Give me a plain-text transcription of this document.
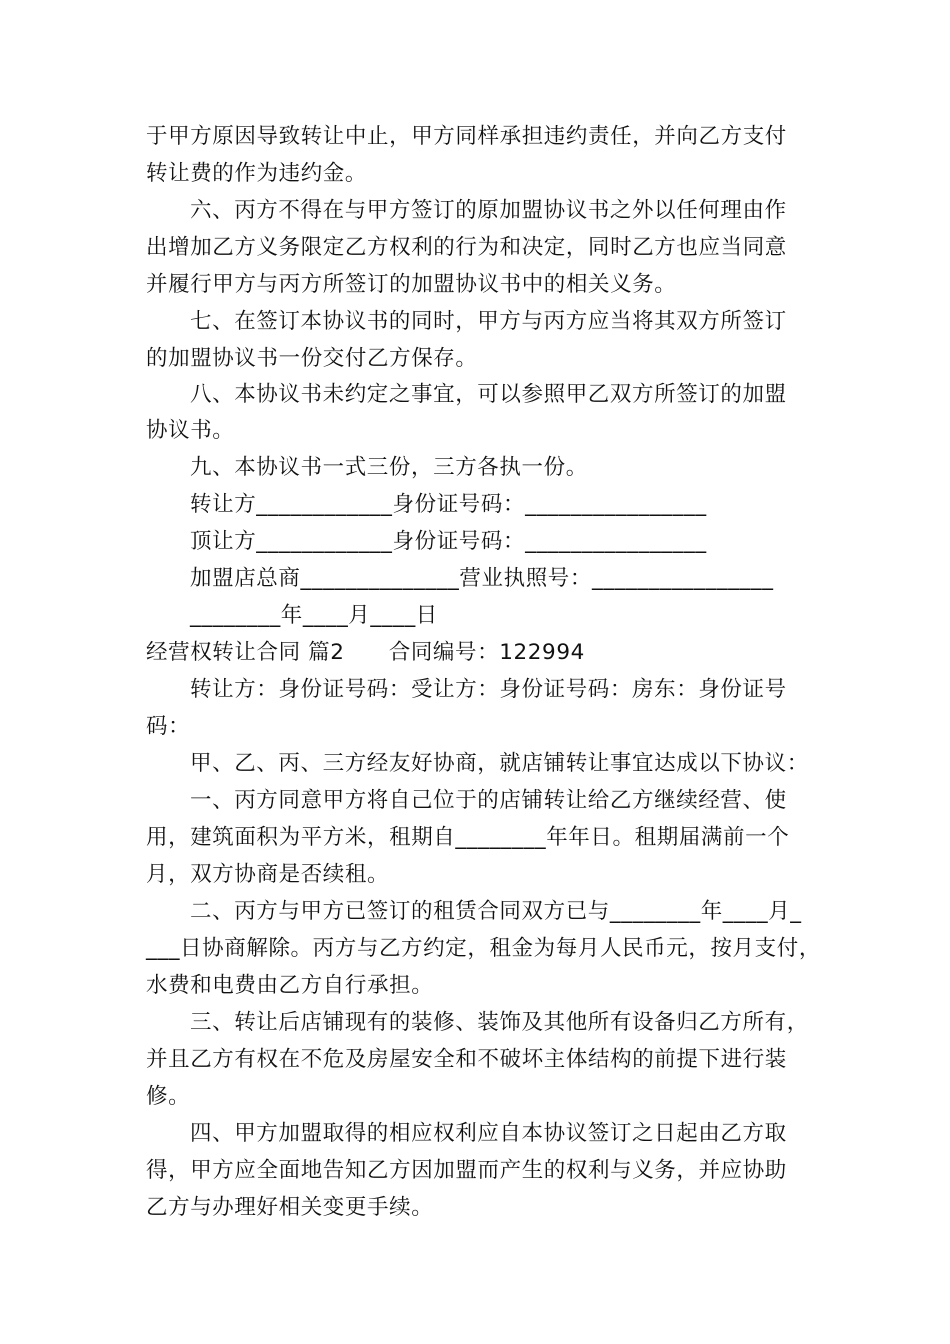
于甲方原因导致转让中止，甲方同样承担违约责任，并向乙方支付
转让费的作为违约金。
六、丙方不得在与甲方签订的原加盟协议书之外以任何理由作
出增加乙方义务限定乙方权利的行为和决定，同时乙方也应当同意
并履行甲方与丙方所签订的加盟协议书中的相关义务。
七、在签订本协议书的同时，甲方与丙方应当将其双方所签订
的加盟协议书一份交付乙方保存。
八、本协议书未约定之事宜，可以参照甲乙双方所签订的加盟
协议书。
九、本协议书一式三份，三方各执一份。
转让方____________身份证号码：________________
顶让方____________身份证号码：________________
加盟店总商______________营业执照号：________________
________年____月____日
经营权转让合同 篇2　　合同编号：122994
转让方：身份证号码：受让方：身份证号码：房东：身份证号
码：
甲、乙、丙、三方经友好协商，就店铺转让事宜达成以下协议：
一、丙方同意甲方将自己位于的店铺转让给乙方继续经营、使
用，建筑面积为平方米，租期自________年年日。租期届满前一个
月，双方协商是否续租。
二、丙方与甲方已签订的租赁合同双方已与________年____月_
___日协商解除。丙方与乙方约定，租金为每月人民币元，按月支付，
水费和电费由乙方自行承担。
三、转让后店铺现有的装修、装饰及其他所有设备归乙方所有，
并且乙方有权在不危及房屋安全和不破坏主体结构的前提下进行装
修。
四、甲方加盟取得的相应权利应自本协议签订之日起由乙方取
得，甲方应全面地告知乙方因加盟而产生的权利与义务，并应协助
乙方与办理好相关变更手续。
